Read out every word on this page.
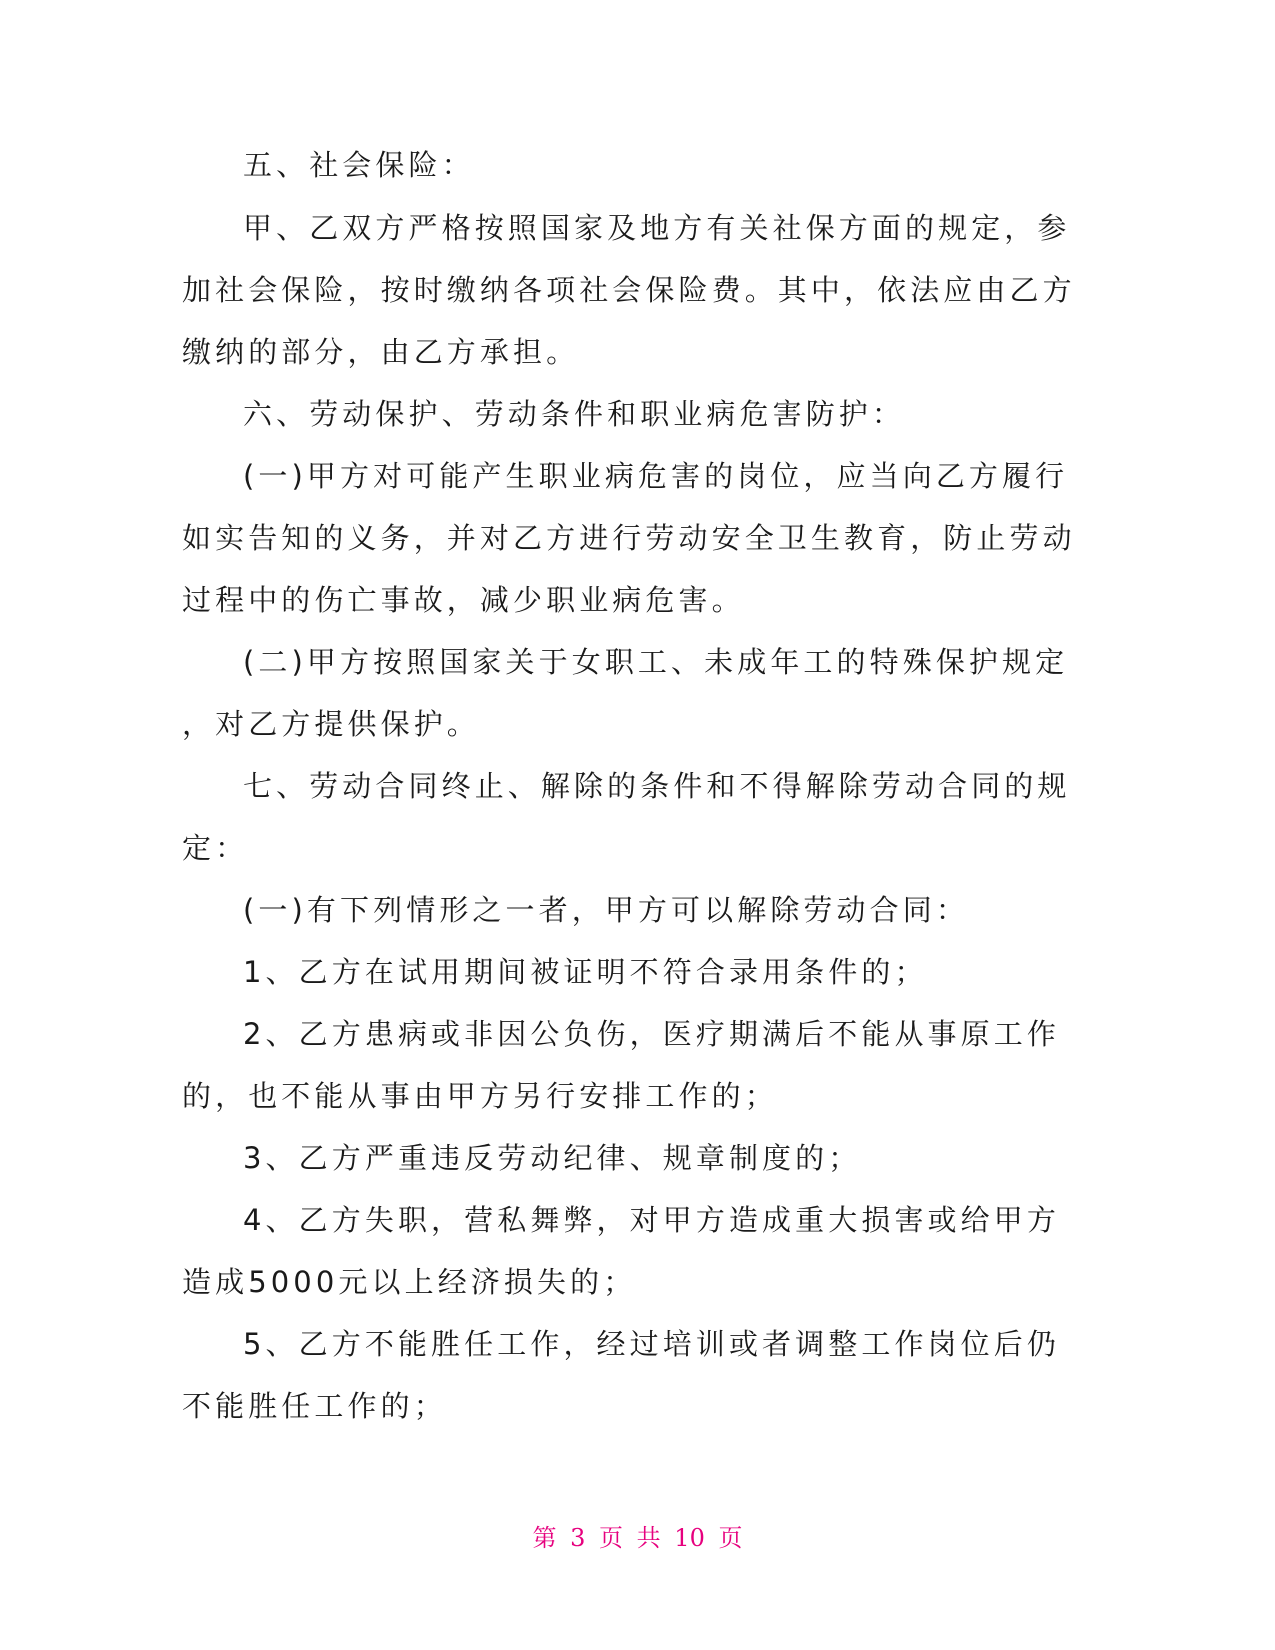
五、社会保险：
甲、乙双方严格按照国家及地方有关社保方面的规定，参
加社会保险，按时缴纳各项社会保险费。其中，依法应由乙方
缴纳的部分，由乙方承担。
六、劳动保护、劳动条件和职业病危害防护：
(一)甲方对可能产生职业病危害的岗位，应当向乙方履行
如实告知的义务，并对乙方进行劳动安全卫生教育，防止劳动
过程中的伤亡事故，减少职业病危害。
(二)甲方按照国家关于女职工、未成年工的特殊保护规定
，对乙方提供保护。
七、劳动合同终止、解除的条件和不得解除劳动合同的规
定：
(一)有下列情形之一者，甲方可以解除劳动合同：
1、乙方在试用期间被证明不符合录用条件的；
2、乙方患病或非因公负伤，医疗期满后不能从事原工作
的，也不能从事由甲方另行安排工作的；
3、乙方严重违反劳动纪律、规章制度的；
4、乙方失职，营私舞弊，对甲方造成重大损害或给甲方
造成5000元以上经济损失的；
5、乙方不能胜任工作，经过培训或者调整工作岗位后仍
不能胜任工作的；
第 3 页 共 10 页
